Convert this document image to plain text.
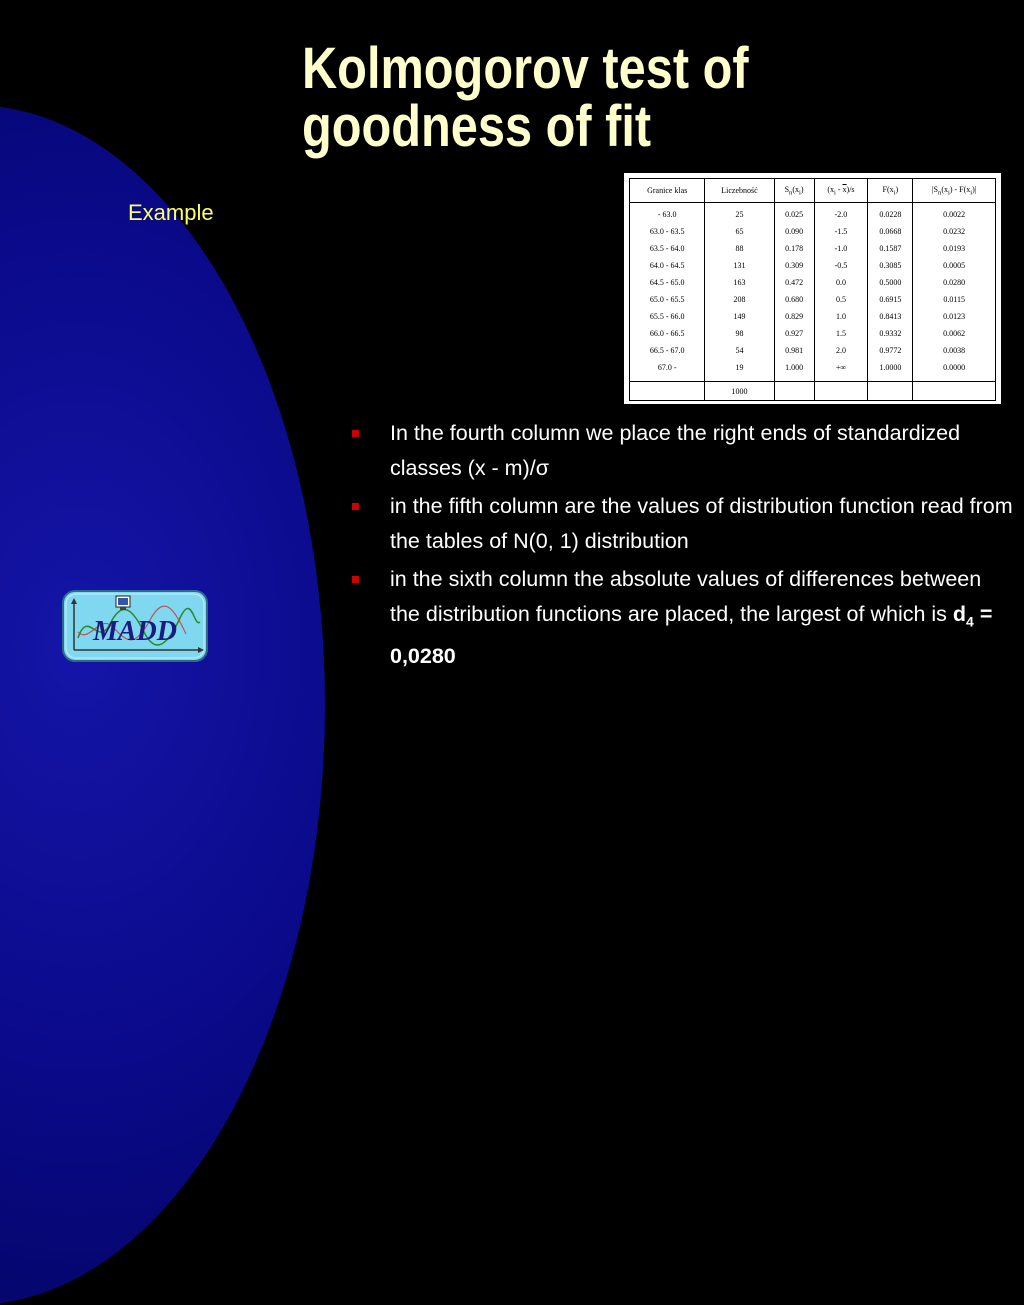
Kolmogorov test of
goodness of fit
Example
Granice klas	Liczebność	$S_n(x_i)$	$(x_i - \overline{x})/s$	$F(x_i)$	$|S_n(x_i) - F(x_i)|$
- 63.0	25	0.025	-2.0	0.0228	0.0022
63.0 - 63.5	65	0.090	-1.5	0.0668	0.0232
63.5 - 64.0	88	0.178	-1.0	0.1587	0.0193
64.0 - 64.5	131	0.309	-0.5	0.3085	0.0005
64.5 - 65.0	163	0.472	0.0	0.5000	0.0280
65.0 - 65.5	208	0.680	0.5	0.6915	0.0115
65.5 - 66.0	149	0.829	1.0	0.8413	0.0123
66.0 - 66.5	98	0.927	1.5	0.9332	0.0062
66.5 - 67.0	54	0.981	2.0	0.9772	0.0038
67.0 -	19	1.000	+∞	1.0000	0.0000
	1000				
In the fourth column we place the right ends of standardized classes (x - m)/σ
in the fifth column are the values of distribution function read from the tables of N(0, 1) distribution
in the sixth column the absolute values of differences between the distribution functions are placed, the largest of which is $d_4 = 0,0280$
MADD
